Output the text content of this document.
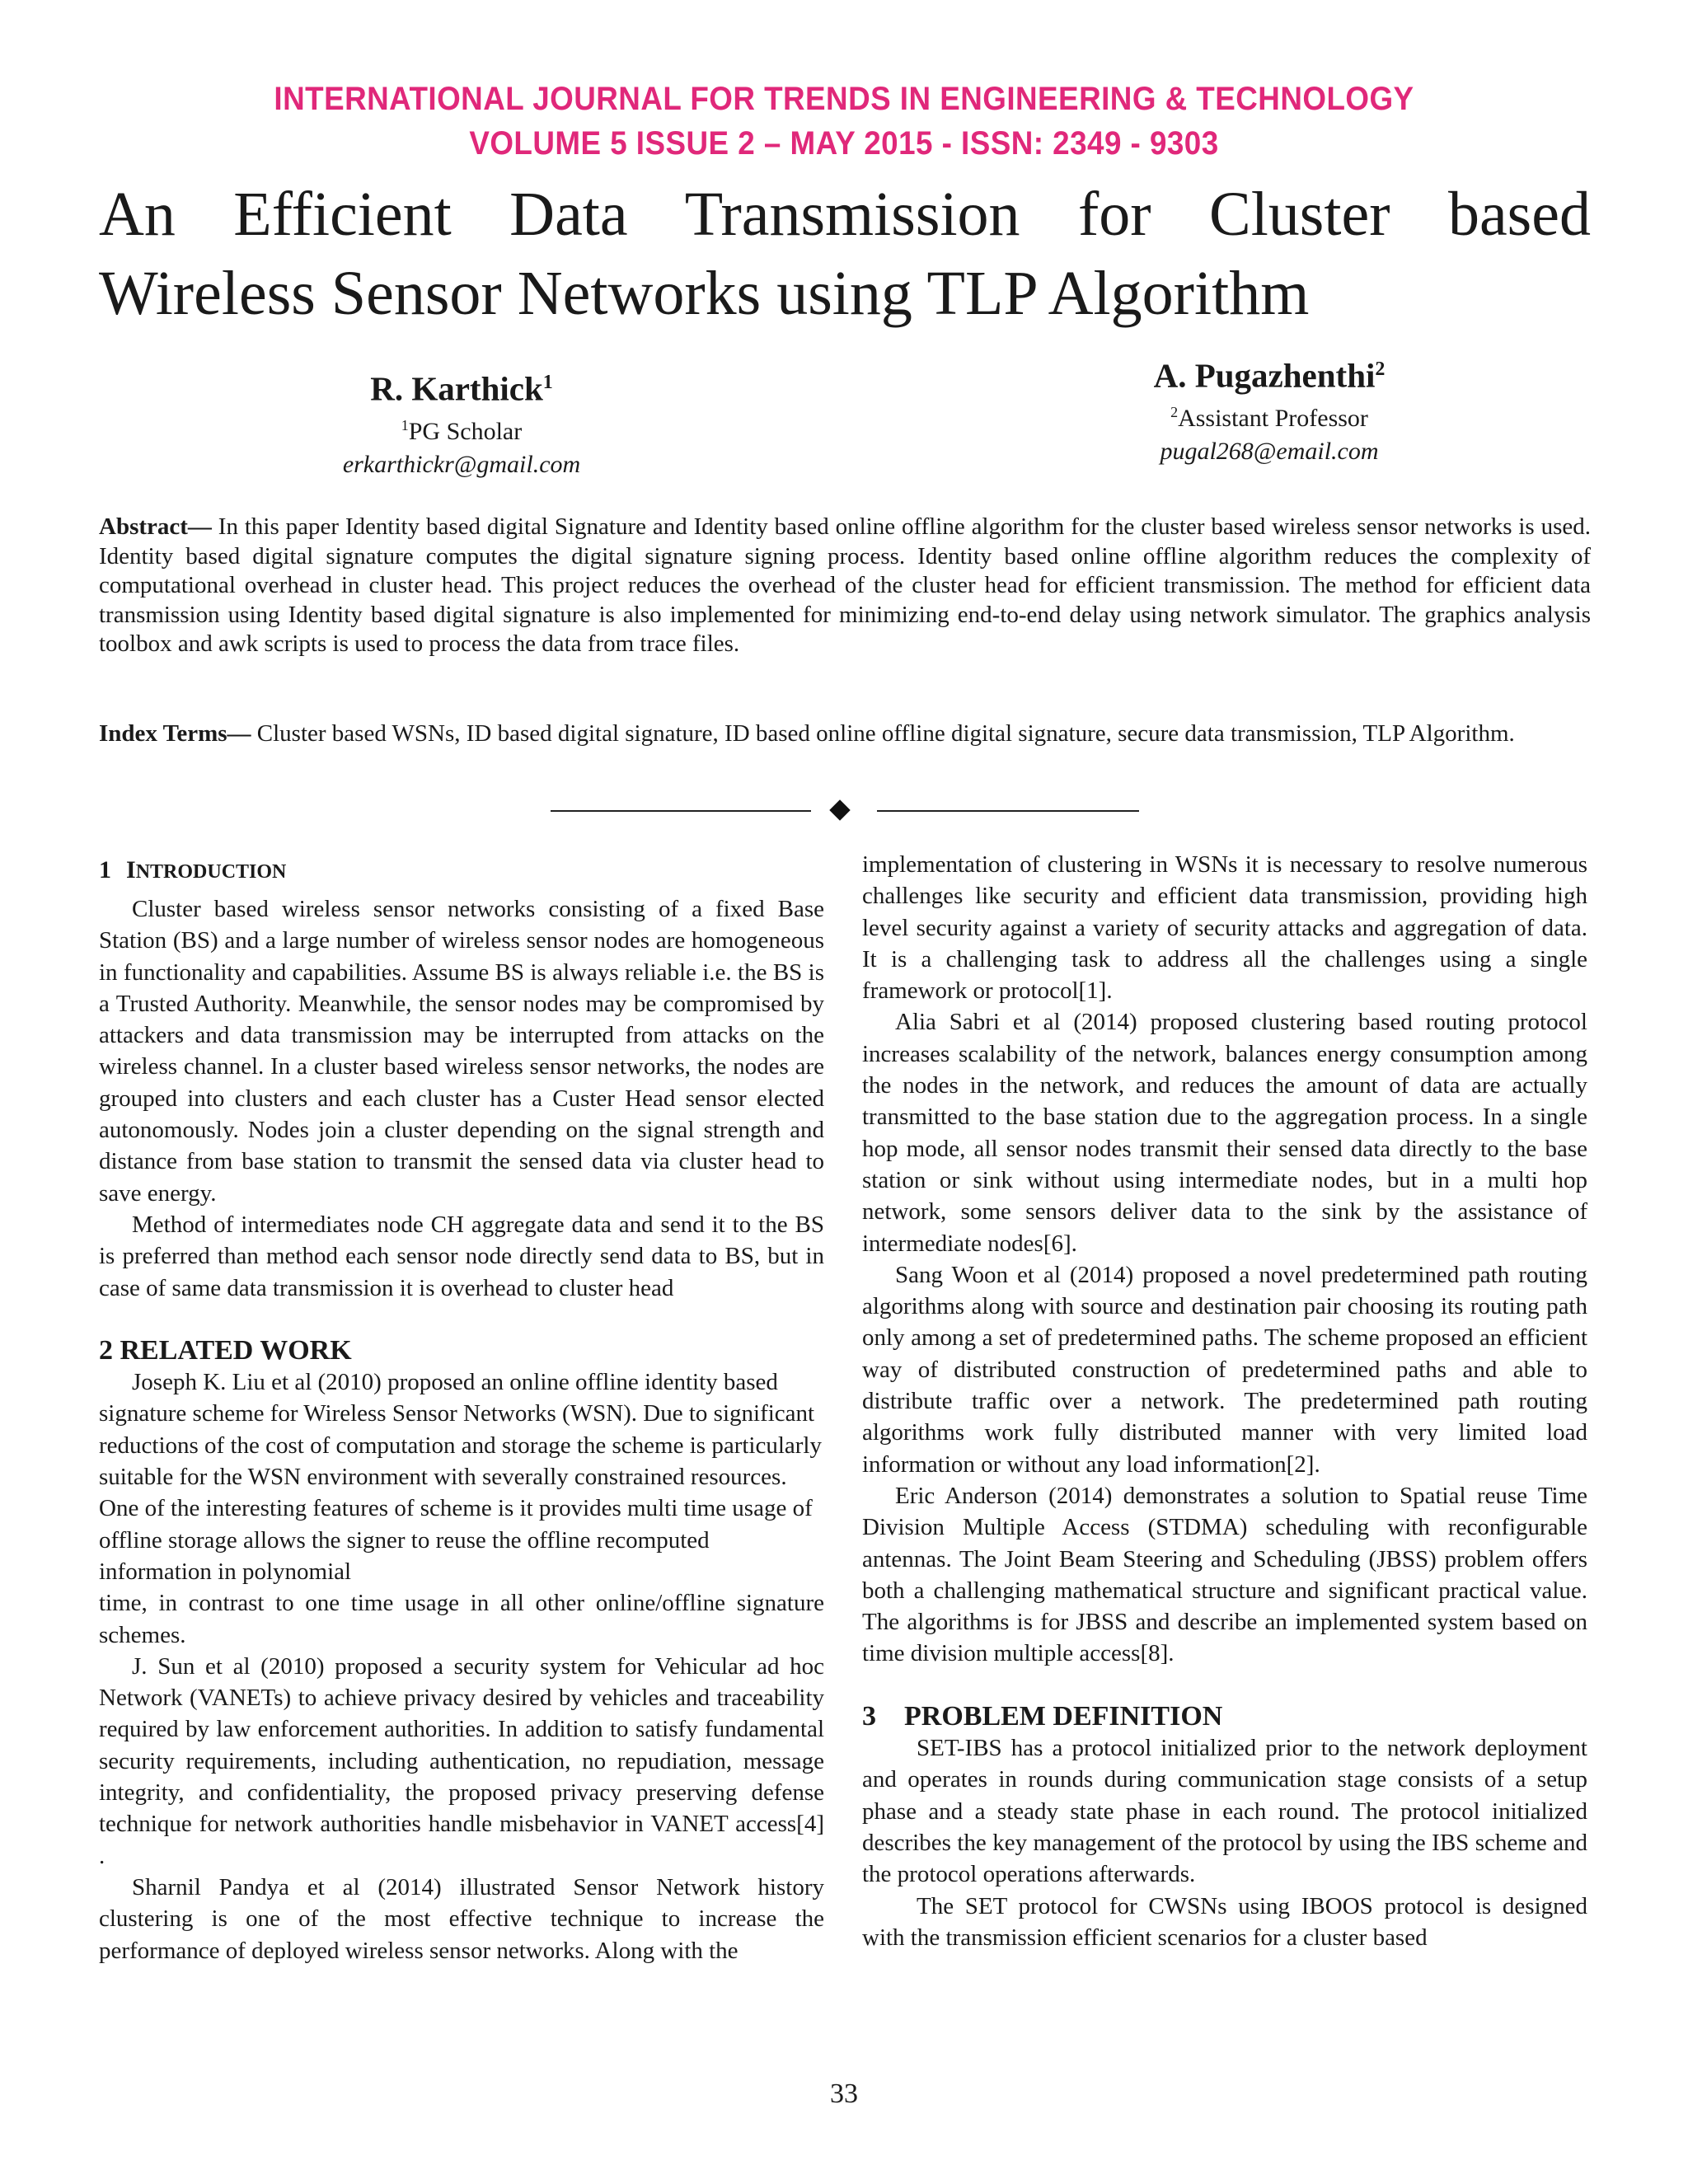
INTERNATIONAL JOURNAL FOR TRENDS IN ENGINEERING & TECHNOLOGY
VOLUME 5 ISSUE 2 – MAY 2015 - ISSN: 2349 - 9303
An Efficient Data Transmission for Cluster based
Wireless Sensor Networks using TLP Algorithm
R. Karthick$^1$
$^1$PG Scholar
erkarthickr@gmail.com
A. Pugazhenthi$^2$
$^2$Assistant Professor
pugal268@email.com
Abstract— In this paper Identity based digital Signature and Identity based online offline algorithm for the cluster based wireless sensor networks is used. Identity based digital signature computes the digital signature signing process. Identity based online offline algorithm reduces the complexity of computational overhead in cluster head. This project reduces the overhead of the cluster head for efficient transmission. The method for efficient data transmission using Identity based digital signature is also implemented for minimizing end-to-end delay using network simulator. The graphics analysis toolbox and awk scripts is used to process the data from trace files.
Index Terms— Cluster based WSNs, ID based digital signature, ID based online offline digital signature, secure data transmission, TLP Algorithm.
1 INTRODUCTION

Cluster based wireless sensor networks consisting of a fixed Base Station (BS) and a large number of wireless sensor nodes are homogeneous in functionality and capabilities. Assume BS is always reliable i.e. the BS is a Trusted Authority. Meanwhile, the sensor nodes may be compromised by attackers and data transmission may be interrupted from attacks on the wireless channel. In a cluster based wireless sensor networks, the nodes are grouped into clusters and each cluster has a Custer Head sensor elected autonomously. Nodes join a cluster depending on the signal strength and distance from base station to transmit the sensed data via cluster head to save energy.

Method of intermediates node CH aggregate data and send it to the BS is preferred than method each sensor node directly send data to BS, but in case of same data transmission it is overhead to cluster head

2 RELATED WORK

Joseph K. Liu et al (2010) proposed an online offline identity based signature scheme for Wireless Sensor Networks (WSN). Due to significant reductions of the cost of computation and storage the scheme is particularly suitable for the WSN environment with severally constrained resources. One of the interesting features of scheme is it provides multi time usage of offline storage allows the signer to reuse the offline recomputed information in polynomial

time, in contrast to one time usage in all other online/offline signature schemes.

J. Sun et al (2010) proposed a security system for Vehicular ad hoc Network (VANETs) to achieve privacy desired by vehicles and traceability required by law enforcement authorities. In addition to satisfy fundamental security requirements, including authentication, no repudiation, message integrity, and confidentiality, the proposed privacy preserving defense technique for network authorities handle misbehavior in VANET access[4] .

Sharnil Pandya et al (2014) illustrated Sensor Network history clustering is one of the most effective technique to increase the performance of deployed wireless sensor networks. Along with the

implementation of clustering in WSNs it is necessary to resolve numerous challenges like security and efficient data transmission, providing high level security against a variety of security attacks and aggregation of data. It is a challenging task to address all the challenges using a single framework or protocol[1].

Alia Sabri et al (2014) proposed clustering based routing protocol increases scalability of the network, balances energy consumption among the nodes in the network, and reduces the amount of data are actually transmitted to the base station due to the aggregation process. In a single hop mode, all sensor nodes transmit their sensed data directly to the base station or sink without using intermediate nodes, but in a multi hop network, some sensors deliver data to the sink by the assistance of intermediate nodes[6].

Sang Woon et al (2014) proposed a novel predetermined path routing algorithms along with source and destination pair choosing its routing path only among a set of predetermined paths. The scheme proposed an efficient way of distributed construction of predetermined paths and able to distribute traffic over a network. The predetermined path routing algorithms work fully distributed manner with very limited load information or without any load information[2].

Eric Anderson (2014) demonstrates a solution to Spatial reuse Time Division Multiple Access (STDMA) scheduling with reconfigurable antennas. The Joint Beam Steering and Scheduling (JBSS) problem offers both a challenging mathematical structure and significant practical value. The algorithms is for JBSS and describe an implemented system based on time division multiple access[8].

3    PROBLEM DEFINITION

SET-IBS has a protocol initialized prior to the network deployment and operates in rounds during communication stage consists of a setup phase and a steady state phase in each round. The protocol initialized describes the key management of the protocol by using the IBS scheme and the protocol operations afterwards.

The SET protocol for CWSNs using IBOOS protocol is designed with the transmission efficient scenarios for a cluster based

33
